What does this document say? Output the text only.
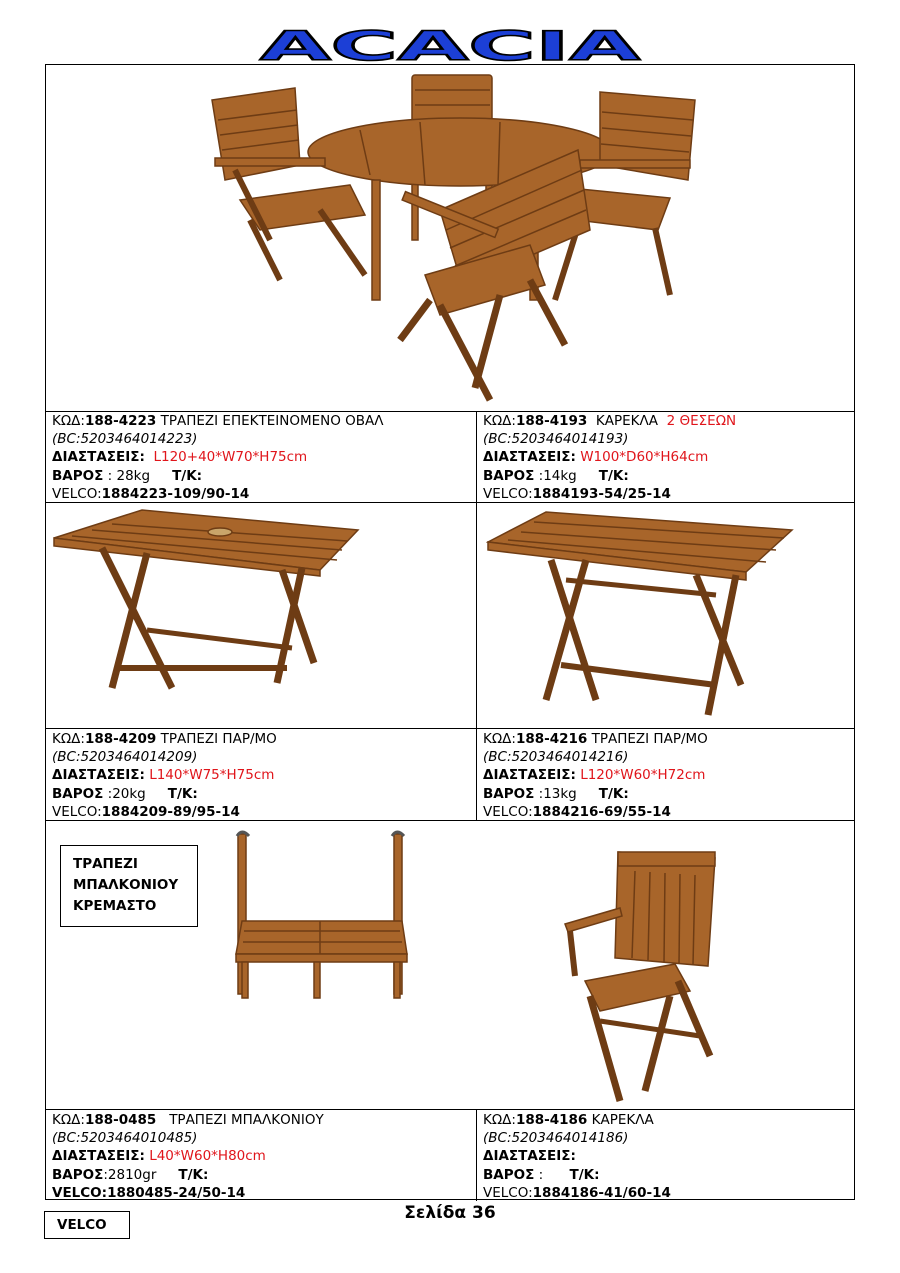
ACACIA
ΤΡΑΠΕΖΙ
ΜΠΑΛΚΟΝΙΟΥ
ΚΡΕΜΑΣΤΟ
ΚΩΔ:188-4223 ΤΡΑΠΕΖΙ ΕΠΕΚΤΕΙΝΟΜΕΝΟ ΟΒΑΛ
(BC:5203464014223)
ΔΙΑΣΤΑΣΕΙΣ: L120+40*W70*H75cm
ΒΑΡΟΣ : 28kg Τ/Κ:
VELCO:1884223-109/90-14
ΚΩΔ:188-4193 ΚΑΡΕΚΛΑ 2 ΘΕΣΕΩΝ
(BC:5203464014193)
ΔΙΑΣΤΑΣΕΙΣ: W100*D60*H64cm
ΒΑΡΟΣ :14kg Τ/Κ:
VELCO:1884193-54/25-14
ΚΩΔ:188-4209 ΤΡΑΠΕΖΙ ΠΑΡ/ΜΟ
(BC:5203464014209)
ΔΙΑΣΤΑΣΕΙΣ: L140*W75*H75cm
ΒΑΡΟΣ :20kg Τ/Κ:
VELCO:1884209-89/95-14
ΚΩΔ:188-4216 ΤΡΑΠΕΖΙ ΠΑΡ/ΜΟ
(BC:5203464014216)
ΔΙΑΣΤΑΣΕΙΣ: L120*W60*H72cm
ΒΑΡΟΣ :13kg Τ/Κ:
VELCO:1884216-69/55-14
ΚΩΔ:188-0485 ΤΡΑΠΕΖΙ ΜΠΑΛΚΟΝΙΟΥ
(BC:5203464010485)
ΔΙΑΣΤΑΣΕΙΣ: L40*W60*H80cm
ΒΑΡΟΣ:2810gr Τ/Κ:
VELCO:1880485-24/50-14
ΚΩΔ:188-4186 ΚΑΡΕΚΛΑ
(BC:5203464014186)
ΔΙΑΣΤΑΣΕΙΣ:
ΒΑΡΟΣ : Τ/Κ:
VELCO:1884186-41/60-14
Σελίδα 36
VELCO
